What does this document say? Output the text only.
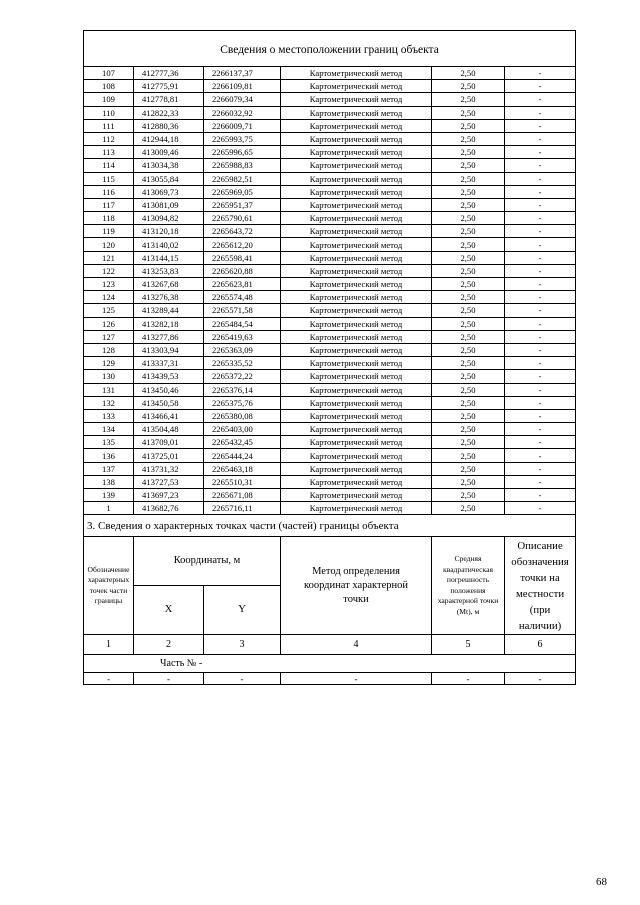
Сведения о местоположении границ объекта					
107	412777,36	2266137,37	Картометрический метод	2,50	-
108	412775,91	2266109,81	Картометрический метод	2,50	-
109	412778,81	2266079,34	Картометрический метод	2,50	-
110	412822,33	2266032,92	Картометрический метод	2,50	-
111	412880,36	2266009,71	Картометрический метод	2,50	-
112	412944,18	2265993,75	Картометрический метод	2,50	-
113	413009,46	2265996,65	Картометрический метод	2,50	-
114	413034,38	2265988,83	Картометрический метод	2,50	-
115	413055,84	2265982,51	Картометрический метод	2,50	-
116	413069,73	2265969,05	Картометрический метод	2,50	-
117	413081,09	2265951,37	Картометрический метод	2,50	-
118	413094,82	2265790,61	Картометрический метод	2,50	-
119	413120,18	2265643,72	Картометрический метод	2,50	-
120	413140,02	2265612,20	Картометрический метод	2,50	-
121	413144,15	2265598,41	Картометрический метод	2,50	-
122	413253,83	2265620,88	Картометрический метод	2,50	-
123	413267,68	2265623,81	Картометрический метод	2,50	-
124	413276,38	2265574,48	Картометрический метод	2,50	-
125	413289,44	2265571,58	Картометрический метод	2,50	-
126	413282,18	2265484,54	Картометрический метод	2,50	-
127	413277,86	2265419,63	Картометрический метод	2,50	-
128	413303,94	2265363,09	Картометрический метод	2,50	-
129	413337,31	2265335,52	Картометрический метод	2,50	-
130	413439,53	2265372,22	Картометрический метод	2,50	-
131	413450,46	2265376,14	Картометрический метод	2,50	-
132	413450,58	2265375,76	Картометрический метод	2,50	-
133	413466,41	2265380,08	Картометрический метод	2,50	-
134	413504,48	2265403,00	Картометрический метод	2,50	-
135	413709,01	2265432,45	Картометрический метод	2,50	-
136	413725,01	2265444,24	Картометрический метод	2,50	-
137	413731,32	2265463,18	Картометрический метод	2,50	-
138	413727,53	2265510,31	Картометрический метод	2,50	-
139	413697,23	2265671,08	Картометрический метод	2,50	-
1	413682,76	2265716,11	Картометрический метод	2,50	-
3. Сведения о характерных точках части (частей) границы объекта					
Обозначение характерных точек части границы	Координаты, м		Метод определения координат характерной точки	Средняя квадратическая погрешность положения характерной точки (Mt), м	Описание обозначения точки на местности (при наличии)
	X	Y			
1	2	3	4	5	6
Часть № -					
-	-	-	-	-	-
68
